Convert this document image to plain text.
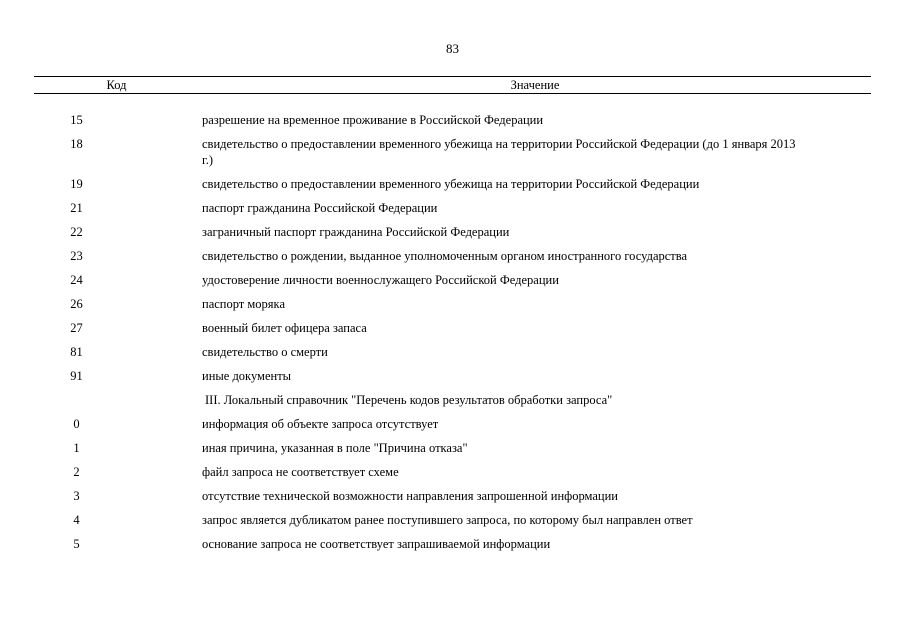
83
Код	Значение
15	разрешение на временное проживание в Российской Федерации
18	свидетельство о предоставлении временного убежища на территории Российской Федерации (до 1 января 2013 г.)
19	свидетельство о предоставлении временного убежища на территории Российской Федерации
21	паспорт гражданина Российской Федерации
22	заграничный паспорт гражданина Российской Федерации
23	свидетельство о рождении, выданное уполномоченным органом иностранного государства
24	удостоверение личности военнослужащего Российской Федерации
26	паспорт моряка
27	военный билет офицера запаса
81	свидетельство о смерти
91	иные документы
III. Локальный справочник "Перечень кодов результатов обработки запроса"
0	информация об объекте запроса отсутствует
1	иная причина, указанная в поле "Причина отказа"
2	файл запроса не соответствует схеме
3	отсутствие технической возможности направления запрошенной информации
4	запрос является дубликатом ранее поступившего запроса, по которому был направлен ответ
5	основание запроса не соответствует запрашиваемой информации
